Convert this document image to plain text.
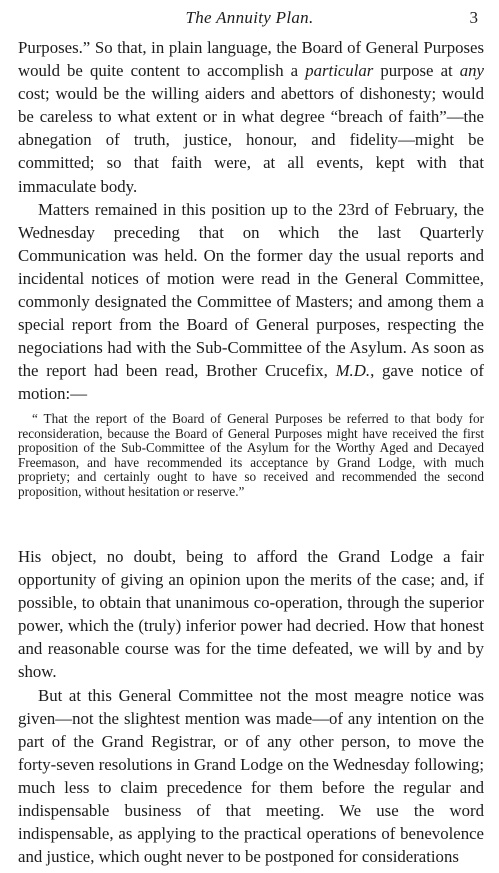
The Annuity Plan.	3

Purposes.” So that, in plain language, the Board of General Purposes would be quite content to accomplish a particular purpose at any cost; would be the willing aiders and abettors of dishonesty; would be careless to what extent or in what degree “breach of faith”—the abnegation of truth, justice, honour, and fidelity—might be committed; so that faith were, at all events, kept with that immaculate body.

Matters remained in this position up to the 23rd of February, the Wednesday preceding that on which the last Quarterly Communication was held. On the former day the usual reports and incidental notices of motion were read in the General Committee, commonly designated the Committee of Masters; and among them a special report from the Board of General purposes, respecting the negociations had with the Sub-Committee of the Asylum. As soon as the report had been read, Brother Crucefix, M.D., gave notice of motion:—

“ That the report of the Board of General Purposes be referred to that body for reconsideration, because the Board of General Purposes might have received the first proposition of the Sub-Committee of the Asylum for the Worthy Aged and Decayed Freemason, and have recommended its acceptance by Grand Lodge, with much propriety; and certainly ought to have so received and recommended the second proposition, without hesitation or reserve.”

His object, no doubt, being to afford the Grand Lodge a fair opportunity of giving an opinion upon the merits of the case; and, if possible, to obtain that unanimous co-operation, through the superior power, which the (truly) inferior power had decried. How that honest and reasonable course was for the time defeated, we will by and by show.

But at this General Committee not the most meagre notice was given—not the slightest mention was made—of any intention on the part of the Grand Registrar, or of any other person, to move the forty-seven resolutions in Grand Lodge on the Wednesday following; much less to claim precedence for them before the regular and indispensable business of that meeting. We use the word indispensable, as applying to the practical operations of benevolence and justice, which ought never to be postponed for considerations
